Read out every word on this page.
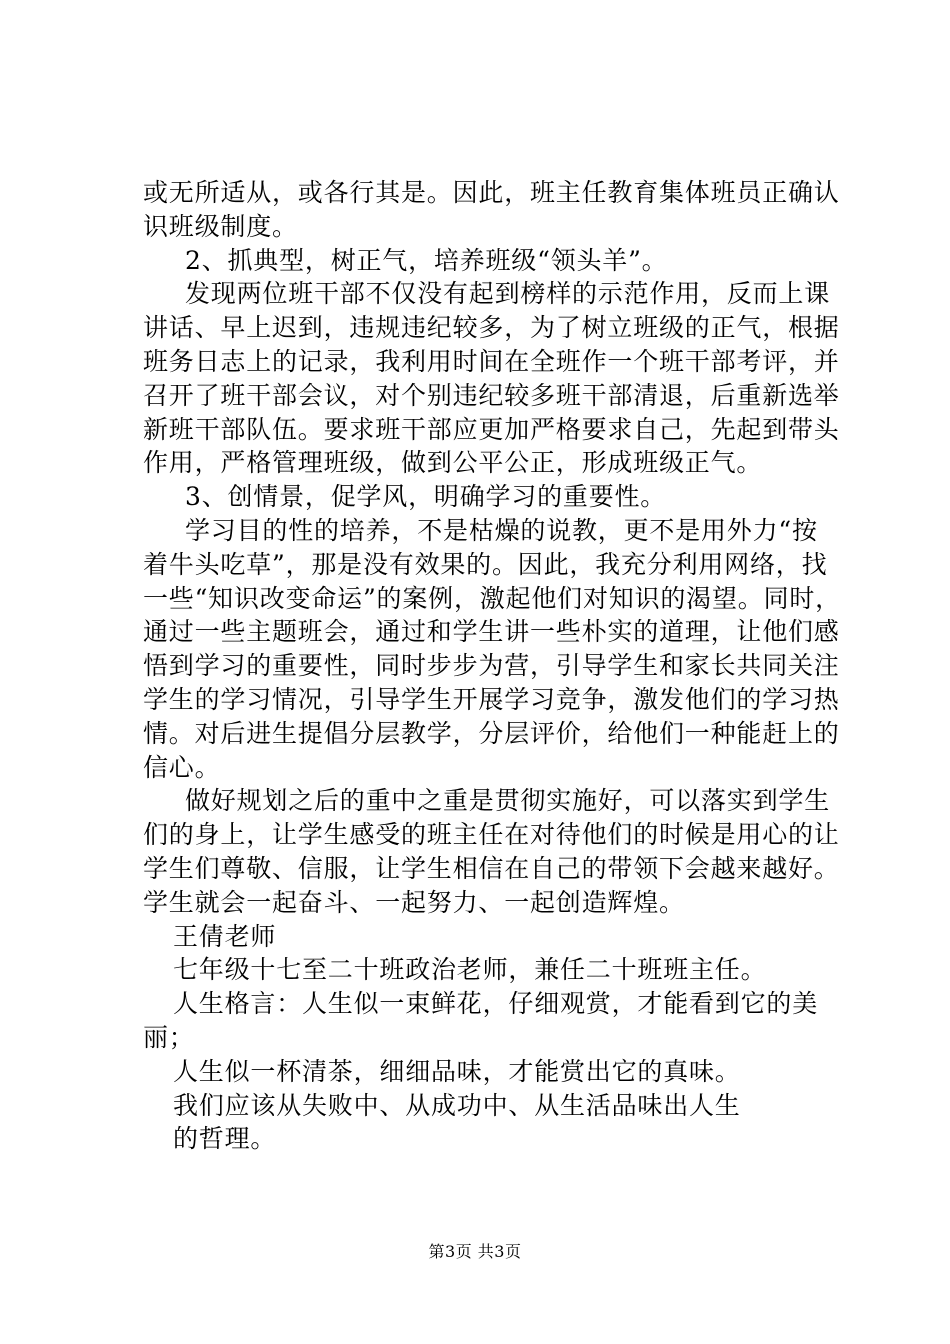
或无所适从，或各行其是。因此，班主任教育集体班员正确认
识班级制度。
2、抓典型，树正气，培养班级“领头羊”。
发现两位班干部不仅没有起到榜样的示范作用，反而上课
讲话、早上迟到，违规违纪较多，为了树立班级的正气，根据
班务日志上的记录，我利用时间在全班作一个班干部考评，并
召开了班干部会议，对个别违纪较多班干部清退，后重新选举
新班干部队伍。要求班干部应更加严格要求自己，先起到带头
作用，严格管理班级，做到公平公正，形成班级正气。
3、创情景，促学风，明确学习的重要性。
学习目的性的培养，不是枯燥的说教，更不是用外力“按
着牛头吃草”，那是没有效果的。因此，我充分利用网络，找
一些“知识改变命运”的案例，激起他们对知识的渴望。同时，
通过一些主题班会，通过和学生讲一些朴实的道理，让他们感
悟到学习的重要性，同时步步为营，引导学生和家长共同关注
学生的学习情况，引导学生开展学习竞争，激发他们的学习热
情。对后进生提倡分层教学，分层评价，给他们一种能赶上的
信心。
做好规划之后的重中之重是贯彻实施好，可以落实到学生
们的身上，让学生感受的班主任在对待他们的时候是用心的让
学生们尊敬、信服，让学生相信在自己的带领下会越来越好。
学生就会一起奋斗、一起努力、一起创造辉煌。
王倩老师
七年级十七至二十班政治老师，兼任二十班班主任。
人生格言：人生似一束鲜花，仔细观赏，才能看到它的美
丽；
人生似一杯清茶，细细品味，才能赏出它的真味。
我们应该从失败中、从成功中、从生活品味出人生
的哲理。
第3页 共3页
